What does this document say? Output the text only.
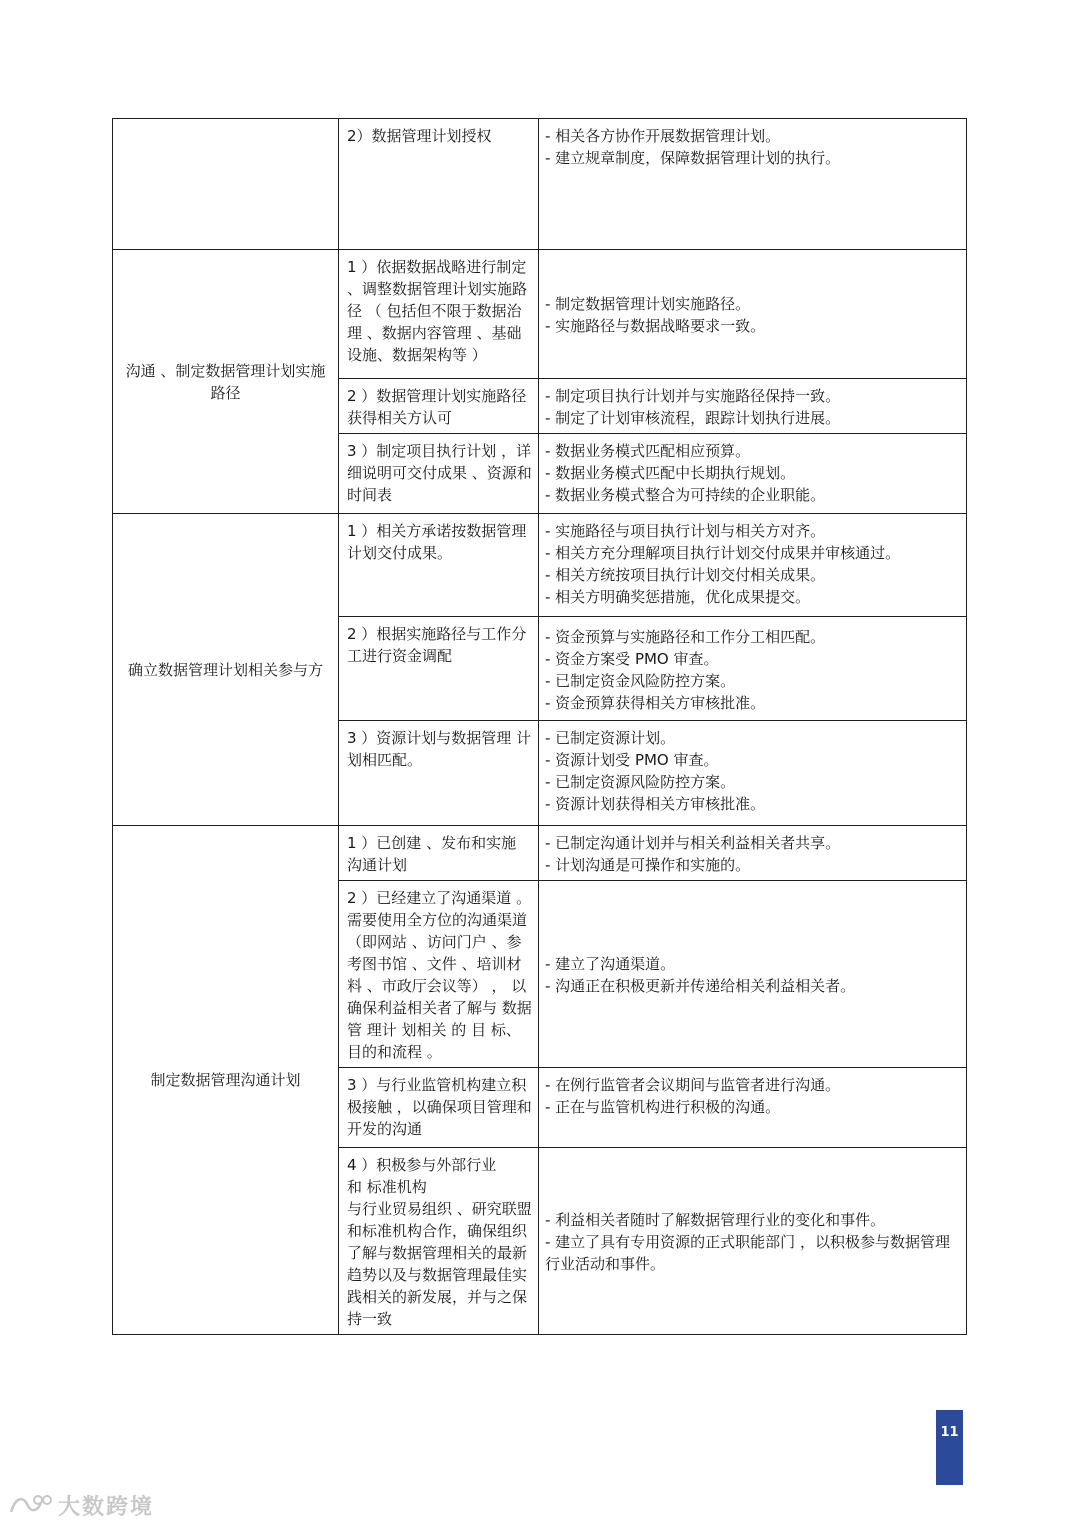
	2）数据管理计划授权	- 相关各方协作开展数据管理计划。
- 建立规章制度，保障数据管理计划的执行。

沟通 、制定数据管理计划实施路径	1 ）依据数据战略进行制定 、调整数据管理计划实施路径 （ 包括但不限于数据治理 、数据内容管理 、基础设施、数据架构等 ）	- 制定数据管理计划实施路径。
- 实施路径与数据战略要求一致。

	2 ）数据管理计划实施路径获得相关方认可	- 制定项目执行计划并与实施路径保持一致。
- 制定了计划审核流程，跟踪计划执行进展。

	3 ）制定项目执行计划 ，详细说明可交付成果 、资源和时间表	- 数据业务模式匹配相应预算。
- 数据业务模式匹配中长期执行规划。
- 数据业务模式整合为可持续的企业职能。

确立数据管理计划相关参与方	1 ）相关方承诺按数据管理计划交付成果。	- 实施路径与项目执行计划与相关方对齐。
- 相关方充分理解项目执行计划交付成果并审核通过。
- 相关方统按项目执行计划交付相关成果。
- 相关方明确奖惩措施，优化成果提交。

	2 ）根据实施路径与工作分工进行资金调配	- 资金预算与实施路径和工作分工相匹配。
- 资金方案受 PMO 审查。
- 已制定资金风险防控方案。
- 资金预算获得相关方审核批准。

	3 ）资源计划与数据管理 计划相匹配。	- 已制定资源计划。
- 资源计划受 PMO 审查。
- 已制定资源风险防控方案。
- 资源计划获得相关方审核批准。

制定数据管理沟通计划	1 ）已创建 、发布和实施 沟通计划	- 已制定沟通计划并与相关利益相关者共享。
- 计划沟通是可操作和实施的。

	2 ）已经建立了沟通渠道 。需要使用全方位的沟通渠道（即网站 、访问门户 、参考图书馆 、文件 、培训材料 、市政厅会议等） ， 以确保利益相关者了解与 数据管 理计 划相关 的 目 标、目的和流程 。	- 建立了沟通渠道。
- 沟通正在积极更新并传递给相关利益相关者。

	3 ）与行业监管机构建立积极接触 ，以确保项目管理和开发的沟通	- 在例行监管者会议期间与监管者进行沟通。
- 正在与监管机构进行积极的沟通。

	4 ）积极参与外部行业
和 标准机构
与行业贸易组织 、研究联盟和标准机构合作，确保组织了解与数据管理相关的最新趋势以及与数据管理最佳实践相关的新发展，并与之保持一致	- 利益相关者随时了解数据管理行业的变化和事件。
- 建立了具有专用资源的正式职能部门 ，以积极参与数据管理行业活动和事件。
11
大数跨境
